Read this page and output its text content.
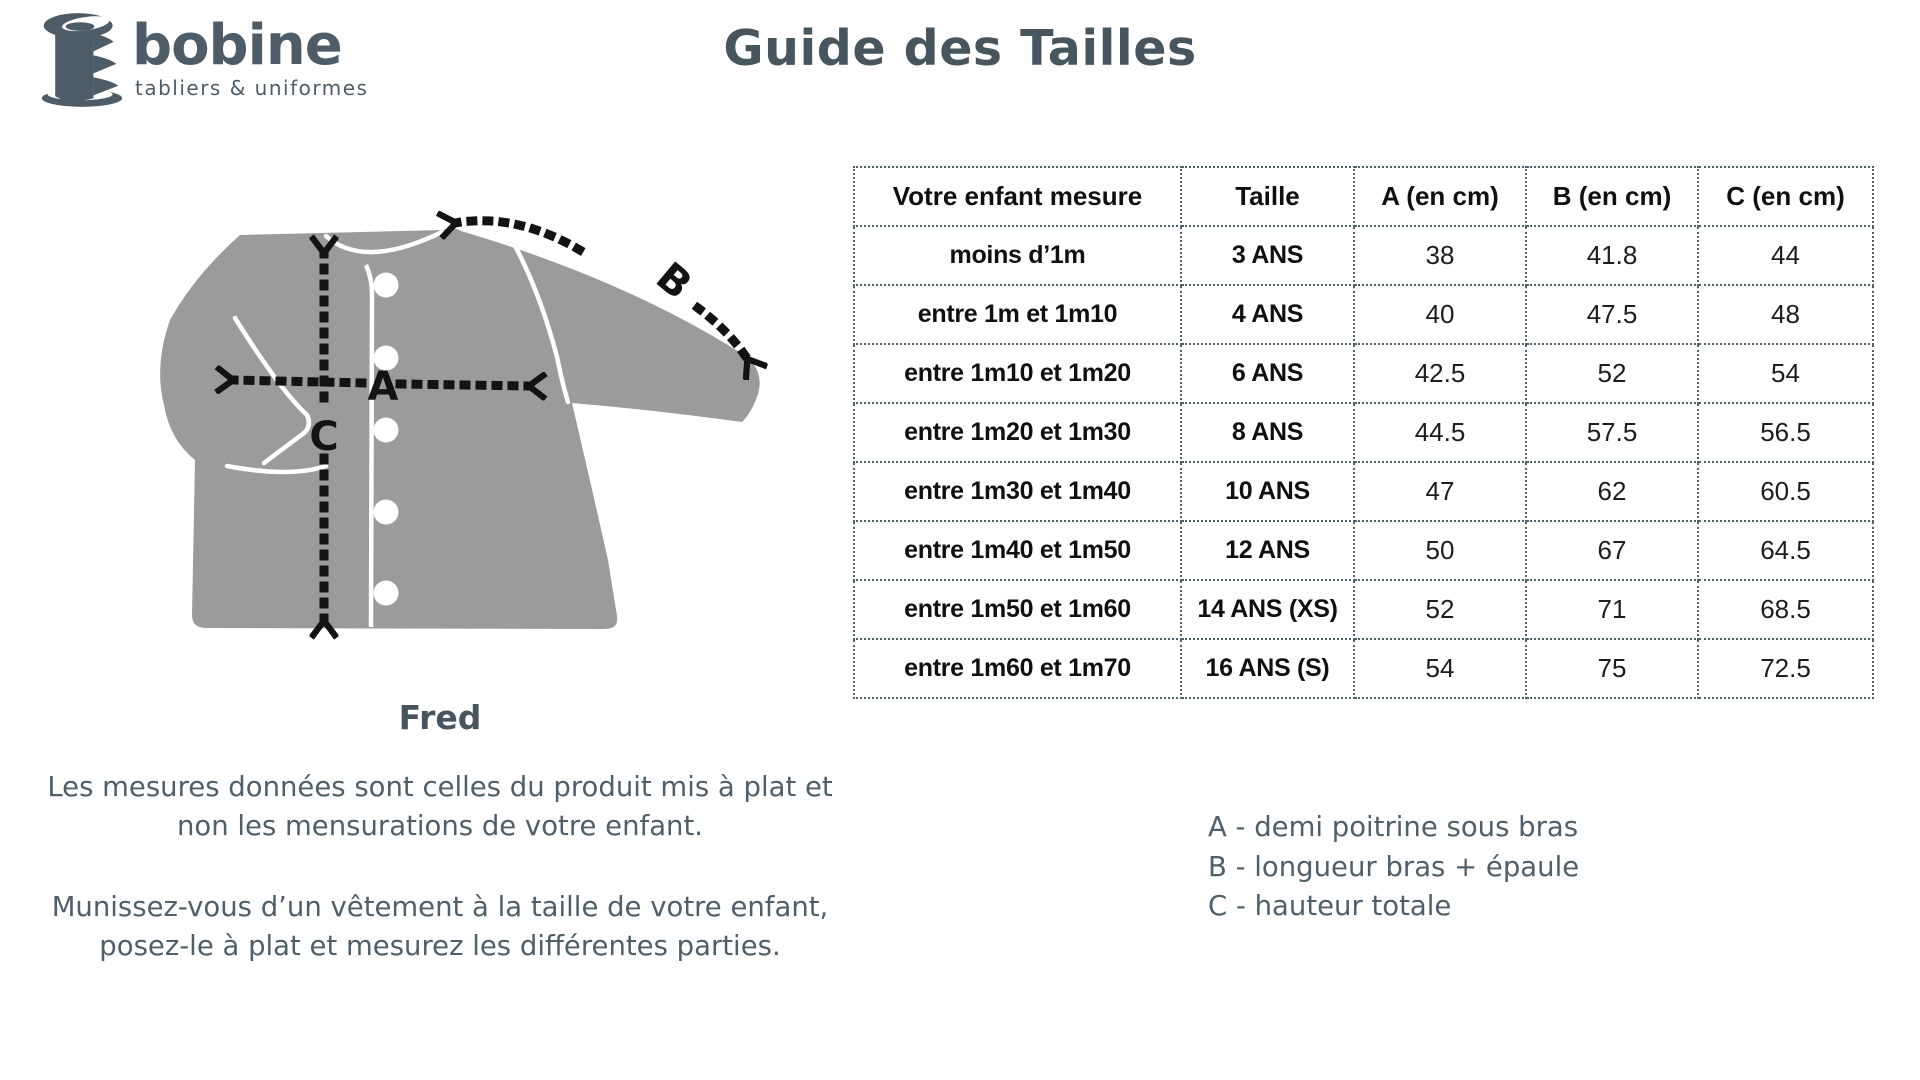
bobine
tabliers & uniformes
Guide des Tailles
A
B
C
Fred
Les mesures données sont celles du produit mis à plat et non les mensurations de votre enfant.
Munissez-vous d’un vêtement à la taille de votre enfant, posez-le à plat et mesurez les différentes parties.
A - demi poitrine sous bras
B - longueur bras + épaule
C - hauteur totale
Votre enfant mesure	Taille	A (en cm)	B (en cm)	C (en cm)
moins d’1m	3 ANS	38	41.8	44
entre 1m et 1m10	4 ANS	40	47.5	48
entre 1m10 et 1m20	6 ANS	42.5	52	54
entre 1m20 et 1m30	8 ANS	44.5	57.5	56.5
entre 1m30 et 1m40	10 ANS	47	62	60.5
entre 1m40 et 1m50	12 ANS	50	67	64.5
entre 1m50 et 1m60	14 ANS (XS)	52	71	68.5
entre 1m60 et 1m70	16 ANS (S)	54	75	72.5
